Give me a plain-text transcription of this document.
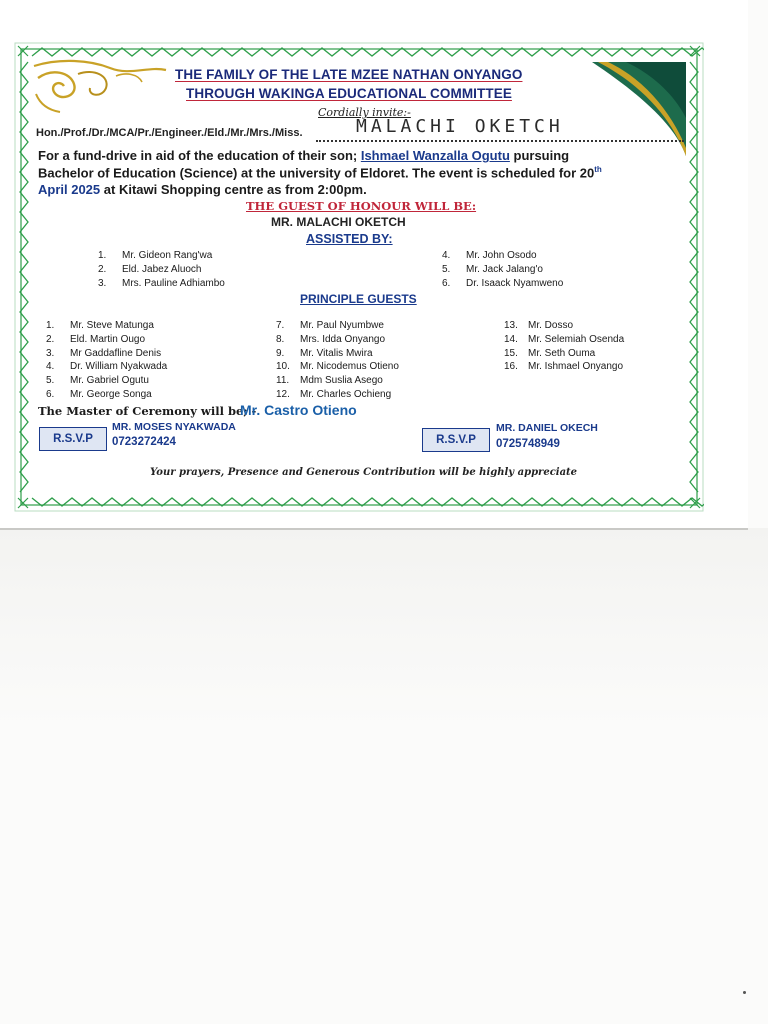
THE FAMILY OF THE LATE MZEE NATHAN ONYANGO
THROUGH WAKINGA EDUCATIONAL COMMITTEE
Cordially invite:-
Hon./Prof./Dr./MCA/Pr./Engineer./Eld./Mr./Mrs./Miss.	MALACHI OKETCH
For a fund-drive in aid of the education of their son; Ishmael Wanzalla Ogutu pursuing
Bachelor of Education (Science) at the university of Eldoret. The event is scheduled for 20th
April 2025 at Kitawi Shopping centre as from 2:00pm.
THE GUEST OF HONOUR WILL BE:
MR. MALACHI OKETCH
ASSISTED BY:
1.	Mr. Gideon Rang'wa
2.	Eld. Jabez Aluoch
3.	Mrs. Pauline Adhiambo
4.	Mr. John Osodo
5.	Mr. Jack Jalang'o
6.	Dr. Isaack Nyamweno
PRINCIPLE GUESTS
1.	Mr. Steve Matunga
2.	Eld. Martin Ougo
3.	Mr Gaddafline Denis
4.	Dr. William Nyakwada
5.	Mr. Gabriel Ogutu
6.	Mr. George Songa
7.	Mr. Paul Nyumbwe
8.	Mrs. Idda Onyango
9.	Mr. Vitalis Mwira
10.	Mr. Nicodemus Otieno
11.	Mdm Suslia Asego
12.	Mr. Charles Ochieng
13.	Mr. Dosso
14.	Mr. Selemiah Osenda
15.	Mr. Seth Ouma
16.	Mr. Ishmael Onyango
The Master of Ceremony will be; -
Mr. Castro Otieno
R.S.V.P
MR. MOSES NYAKWADA
0723272424	R.S.V.P
MR. DANIEL OKECH
0725748949
Your prayers, Presence and Generous Contribution will be highly appreciate
